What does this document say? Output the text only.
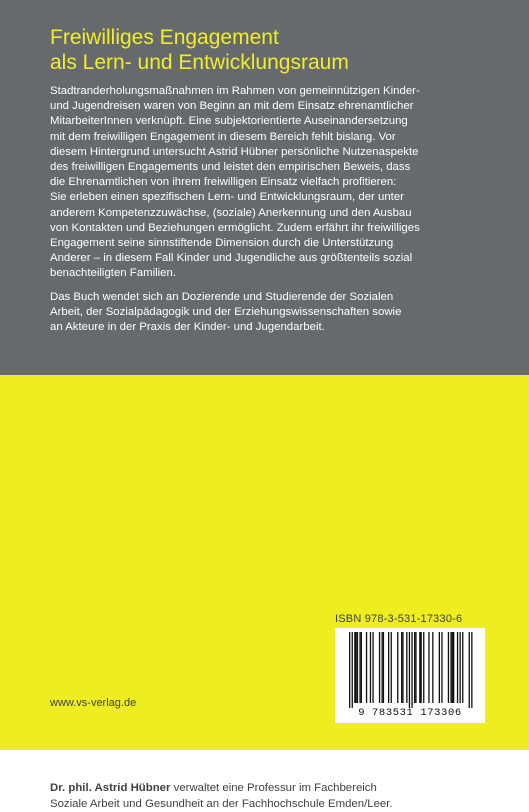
Freiwilliges Engagement
als Lern- und Entwicklungsraum

Stadtranderholungsmaßnahmen im Rahmen von gemeinnützigen Kinder-

und Jugendreisen waren von Beginn an mit dem Einsatz ehrenamtlicher

MitarbeiterInnen verknüpft. Eine subjektorientierte Auseinandersetzung

mit dem freiwilligen Engagement in diesem Bereich fehlt bislang. Vor

diesem Hintergrund untersucht Astrid Hübner persönliche Nutzenaspekte

des freiwilligen Engagements und leistet den empirischen Beweis, dass

die Ehrenamtlichen von ihrem freiwilligen Einsatz vielfach profitieren:

Sie erleben einen spezifischen Lern- und Entwicklungsraum, der unter

anderem Kompetenzzuwächse, (soziale) Anerkennung und den Ausbau

von Kontakten und Beziehungen ermöglicht. Zudem erfährt ihr freiwilliges

Engagement seine sinnstiftende Dimension durch die Unterstützung

Anderer – in diesem Fall Kinder und Jugendliche aus größtenteils sozial

benachteiligten Familien.

Das Buch wendet sich an Dozierende und Studierende der Sozialen

Arbeit, der Sozialpädagogik und der Erziehungswissenschaften sowie

an Akteure in der Praxis der Kinder- und Jugendarbeit.

Dr. phil. Astrid Hübner verwaltet eine Professur im Fachbereich

Soziale Arbeit und Gesundheit an der Fachhochschule Emden/Leer.

ISBN 978-3-531-17330-6
9 783531 173306
www.vs-verlag.de
